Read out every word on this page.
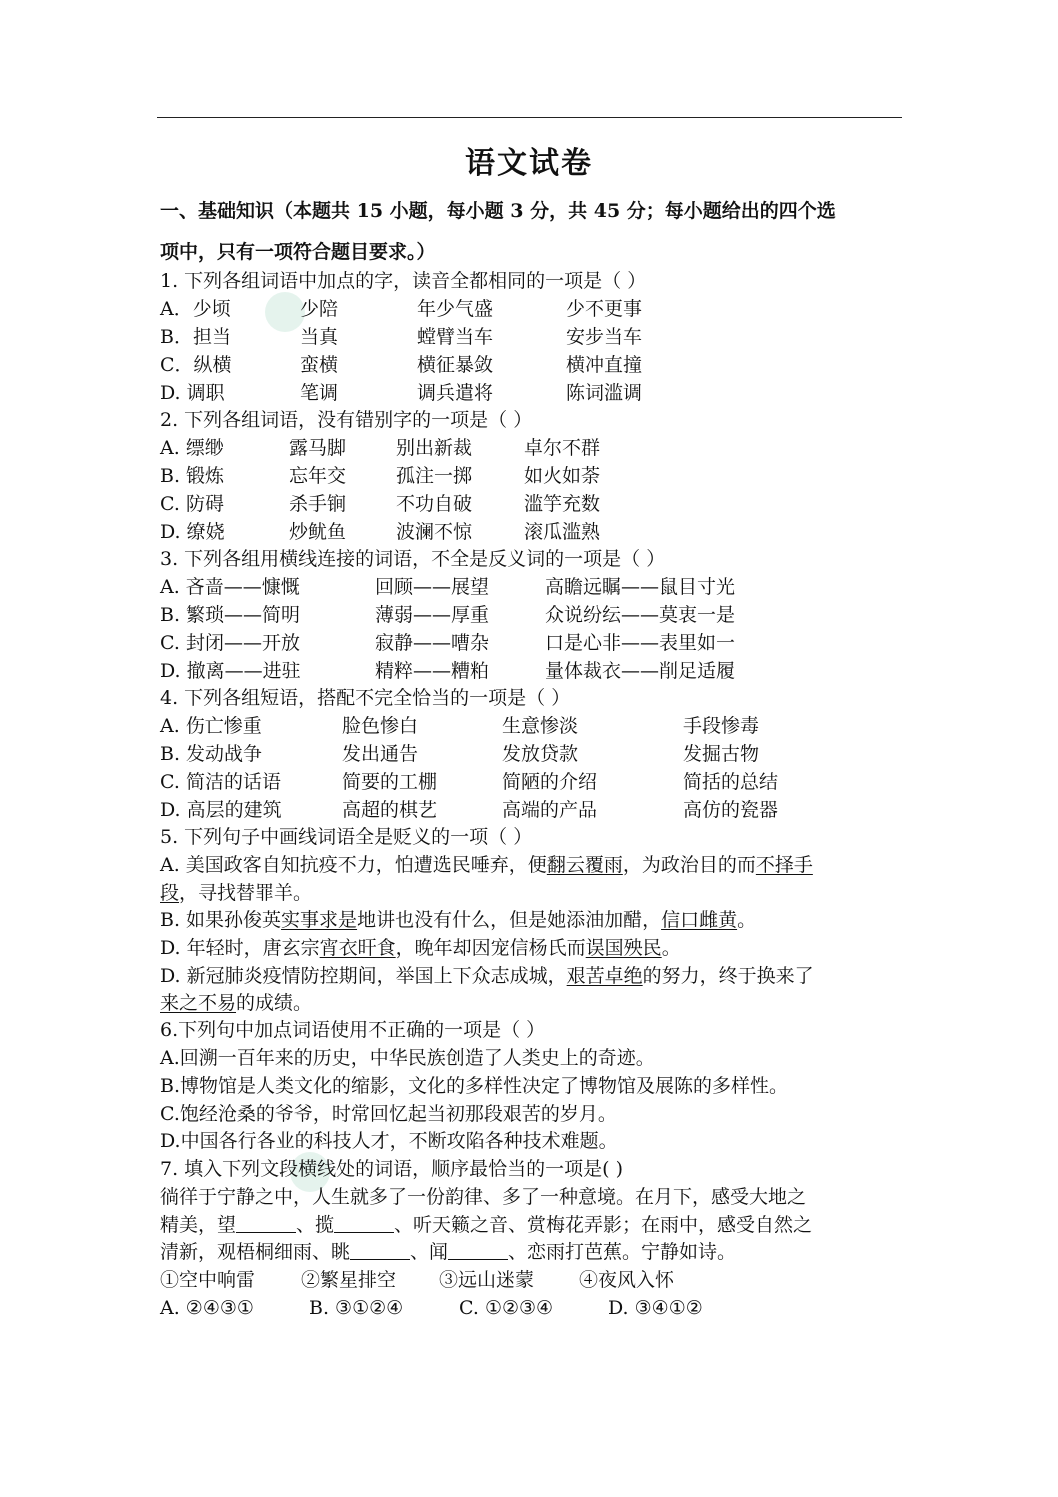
语文试卷
一、基础知识（本题共 15 小题，每小题 3 分，共 45 分；每小题给出的四个选
项中，只有一项符合题目要求。）
1. 下列各组词语中加点的字，读音全都相同的一项是（ ）
A．少顷	少陪	年少气盛	少不更事
B．担当	当真	螳臂当车	安步当车
C．纵横	蛮横	横征暴敛	横冲直撞
D. 调职	笔调	调兵遣将	陈词滥调
2. 下列各组词语，没有错别字的一项是（ ）
A. 缥缈	露马脚	别出新裁	卓尔不群
B. 锻炼	忘年交	孤注一掷	如火如荼
C. 防碍	杀手锏	不功自破	滥竽充数
D. 缭娆	炒鱿鱼	波澜不惊	滚瓜滥熟
3. 下列各组用横线连接的词语，不全是反义词的一项是（ ）
A. 吝啬——慷慨	回顾——展望	高瞻远瞩——鼠目寸光
B. 繁琐——简明	薄弱——厚重	众说纷纭——莫衷一是
C. 封闭——开放	寂静——嘈杂	口是心非——表里如一
D. 撤离——进驻	精粹——糟粕	量体裁衣——削足适履
4. 下列各组短语，搭配不完全恰当的一项是（ ）
A. 伤亡惨重	脸色惨白	生意惨淡	手段惨毒
B. 发动战争	发出通告	发放贷款	发掘古物
C. 简洁的话语	简要的工棚	简陋的介绍	简括的总结
D. 高层的建筑	高超的棋艺	高端的产品	高仿的瓷器
5. 下列句子中画线词语全是贬义的一项（ ）
A. 美国政客自知抗疫不力，怕遭选民唾弃，便翻云覆雨，为政治目的而不择手
段，寻找替罪羊。
B. 如果孙俊英实事求是地讲也没有什么，但是她添油加醋，信口雌黄。
D. 年轻时，唐玄宗宵衣旰食，晚年却因宠信杨氏而误国殃民。
D. 新冠肺炎疫情防控期间，举国上下众志成城，艰苦卓绝的努力，终于换来了
来之不易的成绩。
6.下列句中加点词语使用不正确的一项是（ ）
A.回溯一百年来的历史，中华民族创造了人类史上的奇迹。
B.博物馆是人类文化的缩影，文化的多样性决定了博物馆及展陈的多样性。
C.饱经沧桑的爷爷，时常回忆起当初那段艰苦的岁月。
D.中国各行各业的科技人才，不断攻陷各种技术难题。
7. 填入下列文段横线处的词语，顺序最恰当的一项是( )
徜徉于宁静之中，人生就多了一份韵律、多了一种意境。在月下，感受大地之
精美，望	、揽	、听天籁之音、赏梅花弄影；在雨中，感受自然之
清新，观梧桐细雨、眺	、闻	、恋雨打芭蕉。宁静如诗。
①空中响雷 ②繁星排空 ③远山迷蒙 ④夜风入怀
A. ②④③①	B. ③①②④	C. ①②③④	D. ③④①②
